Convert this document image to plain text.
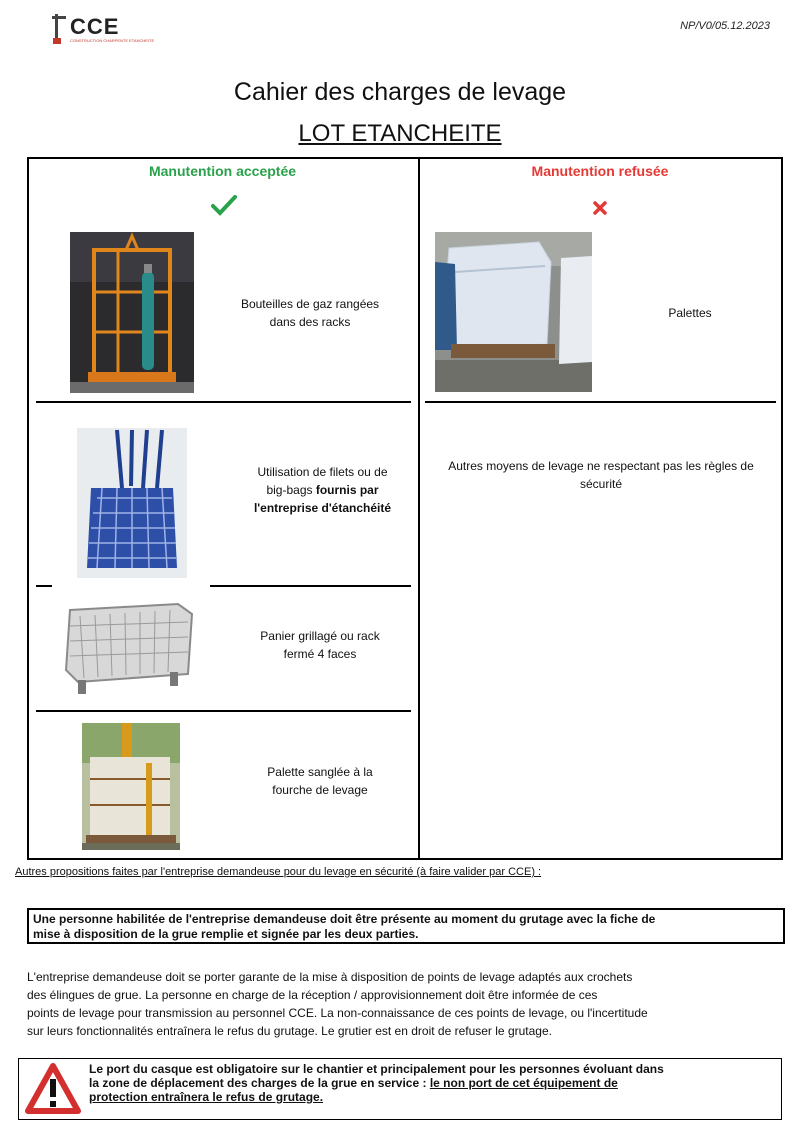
CCE
CONSTRUCTION CHARPENTE ETANCHEITE
NP/V0/05.12.2023
Cahier des charges de levage
LOT ETANCHEITE
Manutention acceptée	Manutention refusée
Bouteilles de gaz rangées
dans des racks
Utilisation de filets ou de
big-bags fournis par
l'entreprise d'étanchéité
Panier grillagé ou rack
fermé 4 faces
Palette sanglée à la
fourche de levage
Palettes
Autres moyens de levage ne respectant pas les règles de
sécurité
Autres propositions faites par l'entreprise demandeuse pour du levage en sécurité (à faire valider par CCE) :
Une personne habilitée de l'entreprise demandeuse doit être présente au moment du grutage avec la fiche de
mise à disposition de la grue remplie et signée par les deux parties.
L'entreprise demandeuse doit se porter garante de la mise à disposition de points de levage adaptés aux crochets
des élingues de grue. La personne en charge de la réception / approvisionnement doit être informée de ces
points de levage pour transmission au personnel CCE. La non-connaissance de ces points de levage, ou l'incertitude
sur leurs fonctionnalités entraînera le refus du grutage. Le grutier est en droit de refuser le grutage.
Le port du casque est obligatoire sur le chantier et principalement pour les personnes évoluant dans
la zone de déplacement des charges de la grue en service : le non port de cet équipement de
protection entraînera le refus de grutage.
